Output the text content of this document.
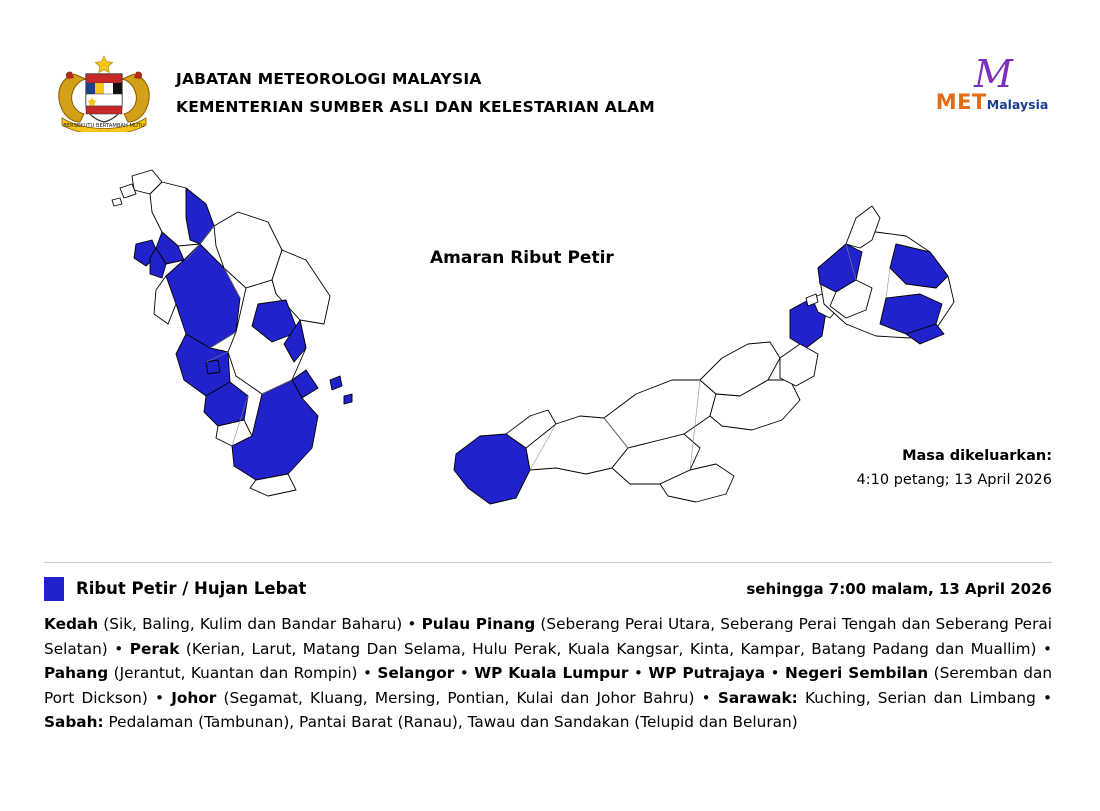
BERSEKUTU BERTAMBAH MUTU
JABATAN METEOROLOGI MALAYSIA
KEMENTERIAN SUMBER ASLI DAN KELESTARIAN ALAM
M
METMalaysia
Amaran Ribut Petir
Masa dikeluarkan:
4:10 petang; 13 April 2026
Ribut Petir / Hujan Lebat	sehingga 7:00 malam, 13 April 2026
Kedah (Sik, Baling, Kulim dan Bandar Baharu) • Pulau Pinang (Seberang Perai Utara, Seberang Perai Tengah dan Seberang Perai Selatan) • Perak (Kerian, Larut, Matang Dan Selama, Hulu Perak, Kuala Kangsar, Kinta, Kampar, Batang Padang dan Muallim) • Pahang (Jerantut, Kuantan dan Rompin) • Selangor • WP Kuala Lumpur • WP Putrajaya • Negeri Sembilan (Seremban dan Port Dickson) • Johor (Segamat, Kluang, Mersing, Pontian, Kulai dan Johor Bahru) • Sarawak: Kuching, Serian dan Limbang • Sabah: Pedalaman (Tambunan), Pantai Barat (Ranau), Tawau dan Sandakan (Telupid dan Beluran)
